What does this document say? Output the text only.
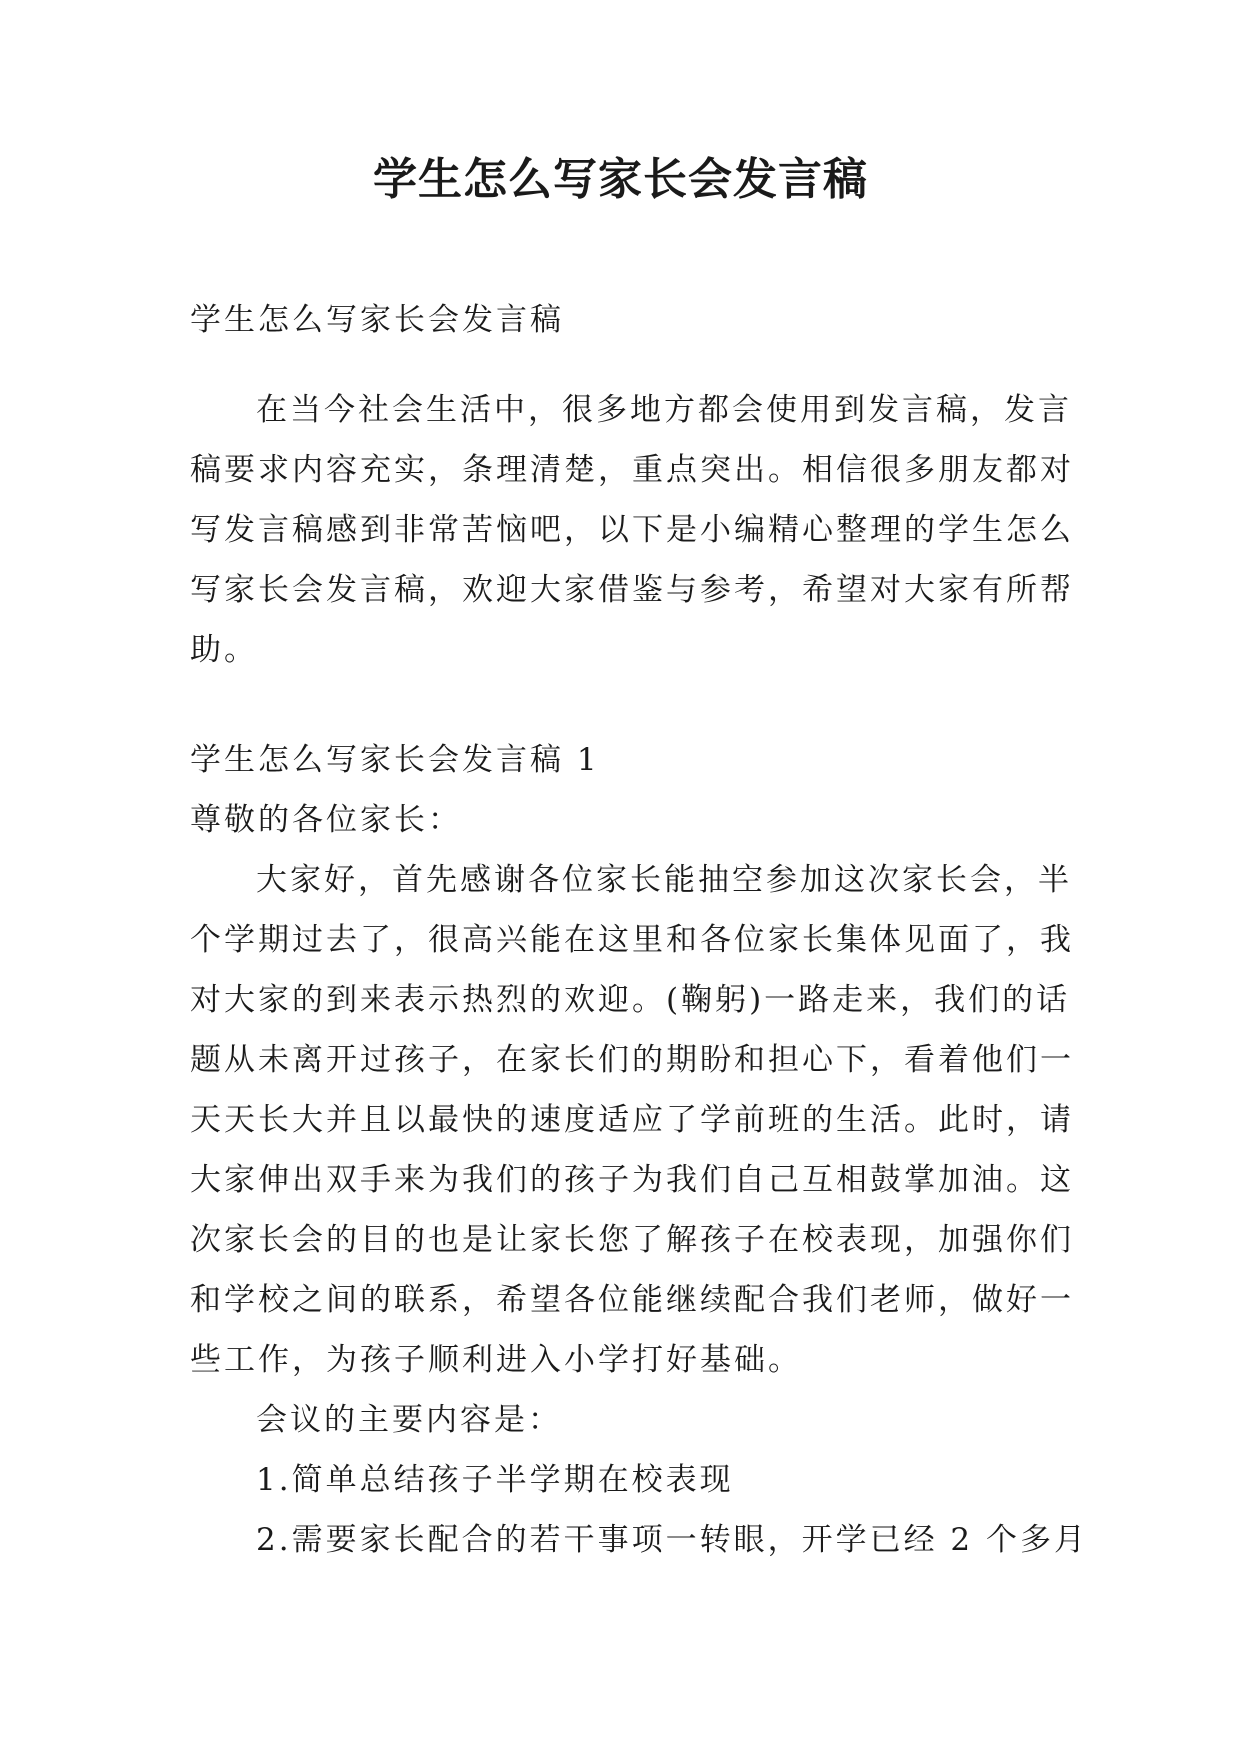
学生怎么写家长会发言稿

学生怎么写家长会发言稿

在当今社会生活中，很多地方都会使用到发言稿，发言

稿要求内容充实，条理清楚，重点突出。相信很多朋友都对

写发言稿感到非常苦恼吧，以下是小编精心整理的学生怎么

写家长会发言稿，欢迎大家借鉴与参考，希望对大家有所帮

助。

学生怎么写家长会发言稿 1

尊敬的各位家长：

大家好，首先感谢各位家长能抽空参加这次家长会，半

个学期过去了，很高兴能在这里和各位家长集体见面了，我

对大家的到来表示热烈的欢迎。(鞠躬)一路走来，我们的话

题从未离开过孩子，在家长们的期盼和担心下，看着他们一

天天长大并且以最快的速度适应了学前班的生活。此时，请

大家伸出双手来为我们的孩子为我们自己互相鼓掌加油。这

次家长会的目的也是让家长您了解孩子在校表现，加强你们

和学校之间的联系，希望各位能继续配合我们老师，做好一

些工作，为孩子顺利进入小学打好基础。

会议的主要内容是：

1.简单总结孩子半学期在校表现

2.需要家长配合的若干事项一转眼，开学已经 2 个多月
